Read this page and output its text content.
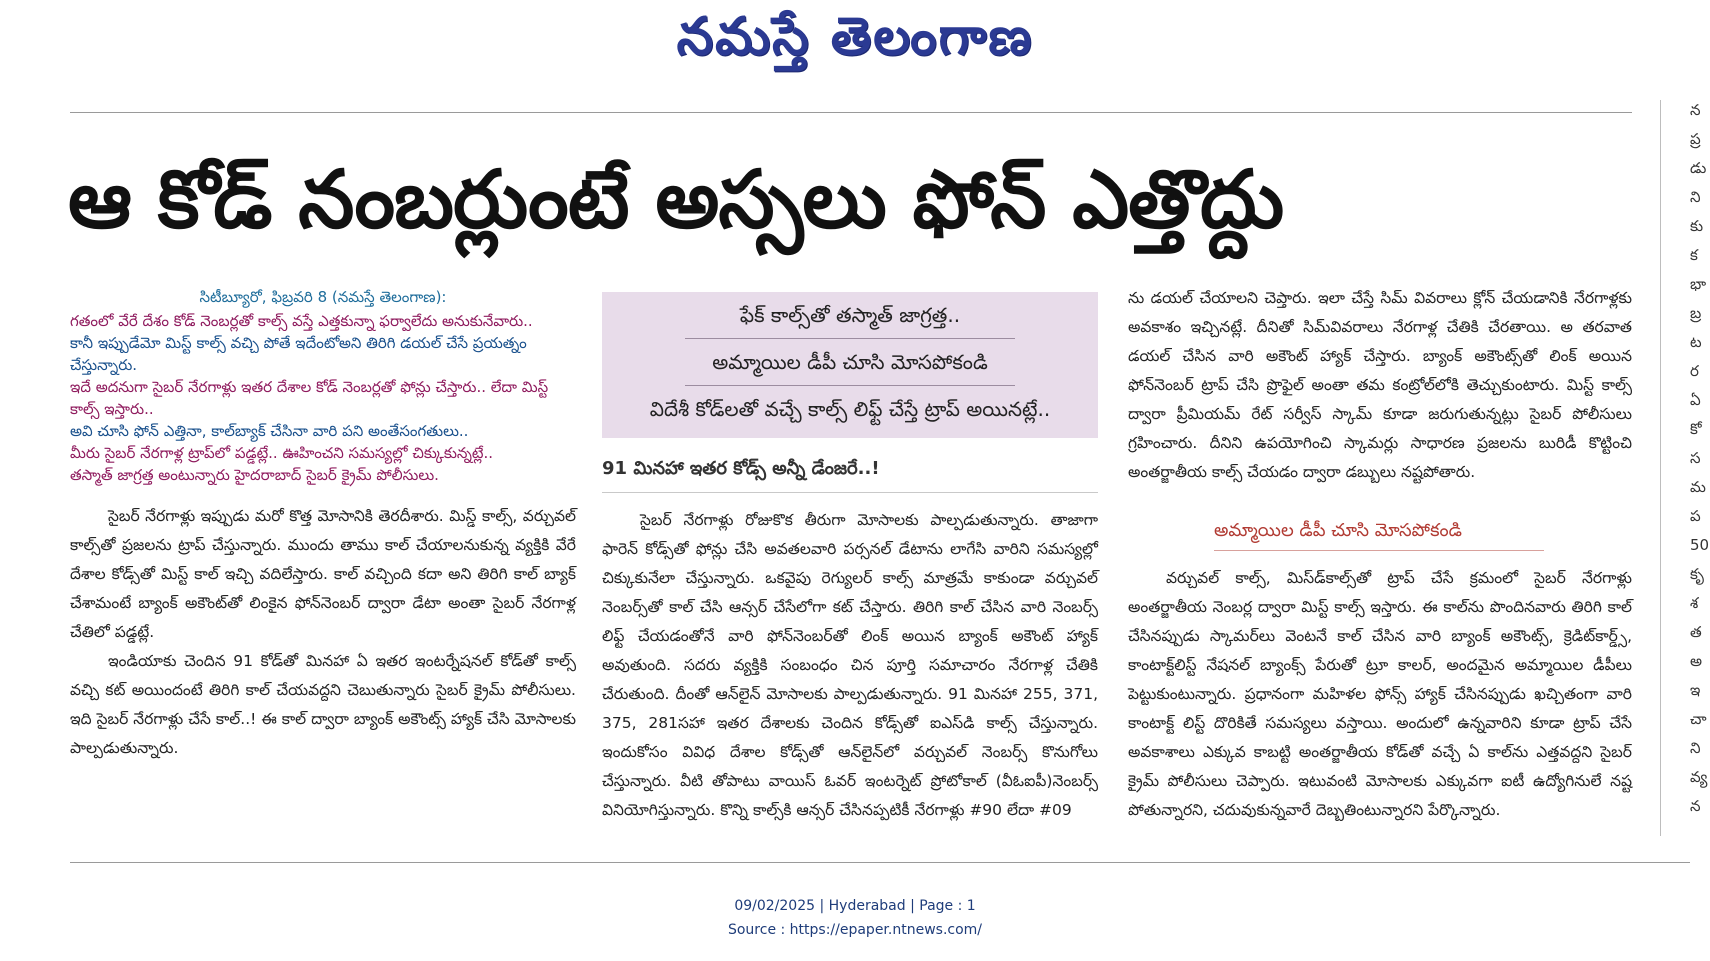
నమస్తే తెలంగాణ
ఆ కోడ్ నంబర్లుంటే అస్సలు ఫోన్ ఎత్తొద్దు

సిటీబ్యూరో, ఫిబ్రవరి 8 (నమస్తే తెలంగాణ):

గతంలో వేరే దేశం కోడ్ నెంబర్లతో కాల్స్ వస్తే ఎత్తకున్నా ఫర్వాలేదు అనుకునేవారు..

కానీ ఇప్పుడేమో మిస్ట్ కాల్స్ వచ్చి పోతే ఇదేంటోఅని తిరిగి డయల్ చేసే ప్రయత్నం చేస్తున్నారు.

ఇదే అదనుగా సైబర్ నేరగాళ్లు ఇతర దేశాల కోడ్ నెంబర్లతో ఫోన్లు చేస్తారు.. లేదా మిస్ట్ కాల్స్ ఇస్తారు..

అవి చూసి ఫోన్ ఎత్తినా, కాల్‌బ్యాక్ చేసినా వారి పని అంతేసంగతులు..

మీరు సైబర్ నేరగాళ్ల ట్రాప్‌లో పడ్డట్లే.. ఊహించని సమస్యల్లో చిక్కుకున్నట్లే..

తస్మాత్ జాగ్రత్త అంటున్నారు హైదరాబాద్ సైబర్ క్రైమ్ పోలీసులు.

సైబర్ నేరగాళ్లు ఇప్పుడు మరో కొత్త మోసానికి తెరదీశారు. మిస్డ్ కాల్స్, వర్చువల్ కాల్స్‌తో ప్రజలను ట్రాప్ చేస్తున్నారు. ముందు తాము కాల్ చేయాలనుకున్న వ్యక్తికి వేరే దేశాల కోడ్స్‌తో మిస్ట్ కాల్ ఇచ్చి వదిలేస్తారు. కాల్ వచ్చింది కదా అని తిరిగి కాల్ బ్యాక్ చేశామంటే బ్యాంక్ అకౌంట్‌తో లింకైన ఫోన్‌నెంబర్ ద్వారా డేటా అంతా సైబర్ నేరగాళ్ల చేతిలో పడ్డట్లే.

ఇండియాకు చెందిన 91 కోడ్‌తో మినహా ఏ ఇతర ఇంటర్నేషనల్ కోడ్‌తో కాల్స్ వచ్చి కట్ అయిందంటే తిరిగి కాల్ చేయవద్దని చెబుతున్నారు సైబర్ క్రైమ్ పోలీసులు. ఇది సైబర్ నేరగాళ్లు చేసే కాల్..! ఈ కాల్ ద్వారా బ్యాంక్ అకౌంట్స్ హ్యాక్ చేసి మోసాలకు పాల్పడుతున్నారు.

ఫేక్ కాల్స్‌తో తస్మాత్ జాగ్రత్త..
అమ్మాయిల డీపీ చూసి మోసపోకండి
విదేశీ కోడ్‌లతో వచ్చే కాల్స్ లిఫ్ట్ చేస్తే ట్రాప్ అయినట్లే..
91 మినహా ఇతర కోడ్స్ అన్నీ డేంజరే..!

సైబర్ నేరగాళ్లు రోజుకొక తీరుగా మోసాలకు పాల్పడుతున్నారు. తాజాగా ఫారెన్ కోడ్స్‌తో ఫోన్లు చేసి అవతలవారి పర్సనల్ డేటాను లాగేసి వారిని సమస్యల్లో చిక్కుకునేలా చేస్తున్నారు. ఒకవైపు రెగ్యులర్ కాల్స్ మాత్రమే కాకుండా వర్చువల్ నెంబర్స్‌తో కాల్ చేసి ఆన్సర్ చేసేలోగా కట్ చేస్తారు. తిరిగి కాల్ చేసిన వారి నెంబర్స్ లిఫ్ట్ చేయడంతోనే వారి ఫోన్‌నెంబర్‌తో లింక్ అయిన బ్యాంక్ అకౌంట్ హ్యాక్ అవుతుంది. సదరు వ్యక్తికి సంబంధం చిన పూర్తి సమాచారం నేరగాళ్ల చేతికి చేరుతుంది. దీంతో ఆన్‌లైన్ మోసాలకు పాల్పడుతున్నారు. 91 మినహా 255, 371, 375, 281సహా ఇతర దేశాలకు చెందిన కోడ్స్‌తో ఐఎస్‌డి కాల్స్ చేస్తున్నారు. ఇందుకోసం వివిధ దేశాల కోడ్స్‌తో ఆన్‌లైన్‌లో వర్చువల్ నెంబర్స్ కొనుగోలు చేస్తున్నారు. వీటి తోపాటు వాయిస్ ఓవర్ ఇంటర్నెట్ ప్రోటోకాల్ (వీఓఐపీ)నెంబర్స్ వినియోగిస్తున్నారు. కొన్ని కాల్స్‌కి ఆన్సర్ చేసినప్పటికీ నేరగాళ్లు #90 లేదా #09

ను డయల్ చేయాలని చెప్తారు. ఇలా చేస్తే సిమ్ వివరాలు క్లోన్ చేయడానికి నేరగాళ్లకు అవకాశం ఇచ్చినట్లే. దీనితో సిమ్‌వివరాలు నేరగాళ్ల చేతికి చేరతాయి. అ తరవాత డయల్ చేసిన వారి అకౌంట్ హ్యాక్ చేస్తారు. బ్యాంక్ అకౌంట్స్‌తో లింక్ అయిన ఫోన్‌నెంబర్ ట్రాప్ చేసి ప్రొఫైల్ అంతా తమ కంట్రోల్‌లోకి తెచ్చుకుంటారు. మిస్ట్ కాల్స్ ద్వారా ప్రీమియమ్ రేట్ సర్వీస్ స్కామ్ కూడా జరుగుతున్నట్లు సైబర్ పోలీసులు గ్రహించారు. దీనిని ఉపయోగించి స్కామర్లు సాధారణ ప్రజలను బురిడీ కొట్టించి అంతర్జాతీయ కాల్స్ చేయడం ద్వారా డబ్బులు నష్టపోతారు.

అమ్మాయిల డీపీ చూసి మోసపోకండి

వర్చువల్ కాల్స్, మిస్‌డ్‌కాల్స్‌తో ట్రాప్ చేసే క్రమంలో సైబర్ నేరగాళ్లు అంతర్జాతీయ నెంబర్ల ద్వారా మిస్ట్ కాల్స్ ఇస్తారు. ఈ కాల్‌ను పొందినవారు తిరిగి కాల్ చేసినప్పుడు స్కామర్‌లు వెంటనే కాల్ చేసిన వారి బ్యాంక్ అకౌంట్స్, క్రెడిట్‌కార్డ్స్, కాంటాక్ట్‌లిస్ట్ నేషనల్ బ్యాంక్స్ పేరుతో ట్రూ కాలర్, అందమైన అమ్మాయిల డీపీలు పెట్టుకుంటున్నారు. ప్రధానంగా మహిళల ఫోన్స్ హ్యాక్ చేసినప్పుడు ఖచ్చితంగా వారి కాంటాక్ట్ లిస్ట్ దొరికితే సమస్యలు వస్తాయి. అందులో ఉన్నవారిని కూడా ట్రాప్ చేసే అవకాశాలు ఎక్కువ కాబట్టి అంతర్జాతీయ కోడ్‌తో వచ్చే ఏ కాల్‌ను ఎత్తవద్దని సైబర్ క్రైమ్ పోలీసులు చెప్పారు. ఇటువంటి మోసాలకు ఎక్కువగా ఐటీ ఉద్యోగినులే నష్ట పోతున్నారని, చదువుకున్నవారే దెబ్బతింటున్నారని పేర్కొన్నారు.

న
ప్ర
డు
ని
కు
క
భా
బ్ర
ట
ర
ఏ
కో
స
మ
ప
50
కృ
శ
త
అ
ఇ
చా
ని
వ్య
న
09/02/2025 | Hyderabad | Page : 1
Source : https://epaper.ntnews.com/
